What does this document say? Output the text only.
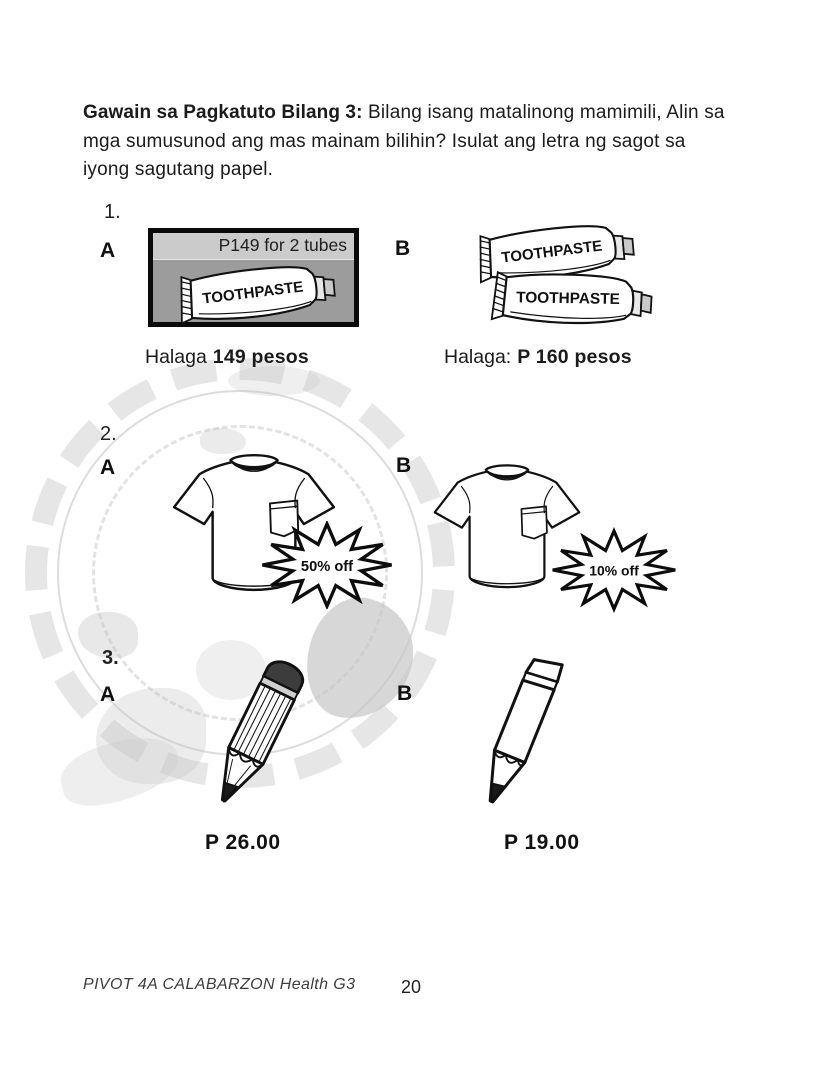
Gawain sa Pagkatuto Bilang 3: Bilang isang matalinong mamimili, Alin sa mga sumusunod ang mas mainam bilihin? Isulat ang letra ng sagot sa iyong sagutang papel.
1.
A	P149 for 2 tubes
TOOTHPASTE
B	TOOTHPASTE
TOOTHPASTE
Halaga 149 pesos	Halaga: P 160 pesos
2.
A
50% off
B
10% off
3.
A	B
P 26.00	P 19.00
PIVOT 4A CALABARZON Health G3	20
